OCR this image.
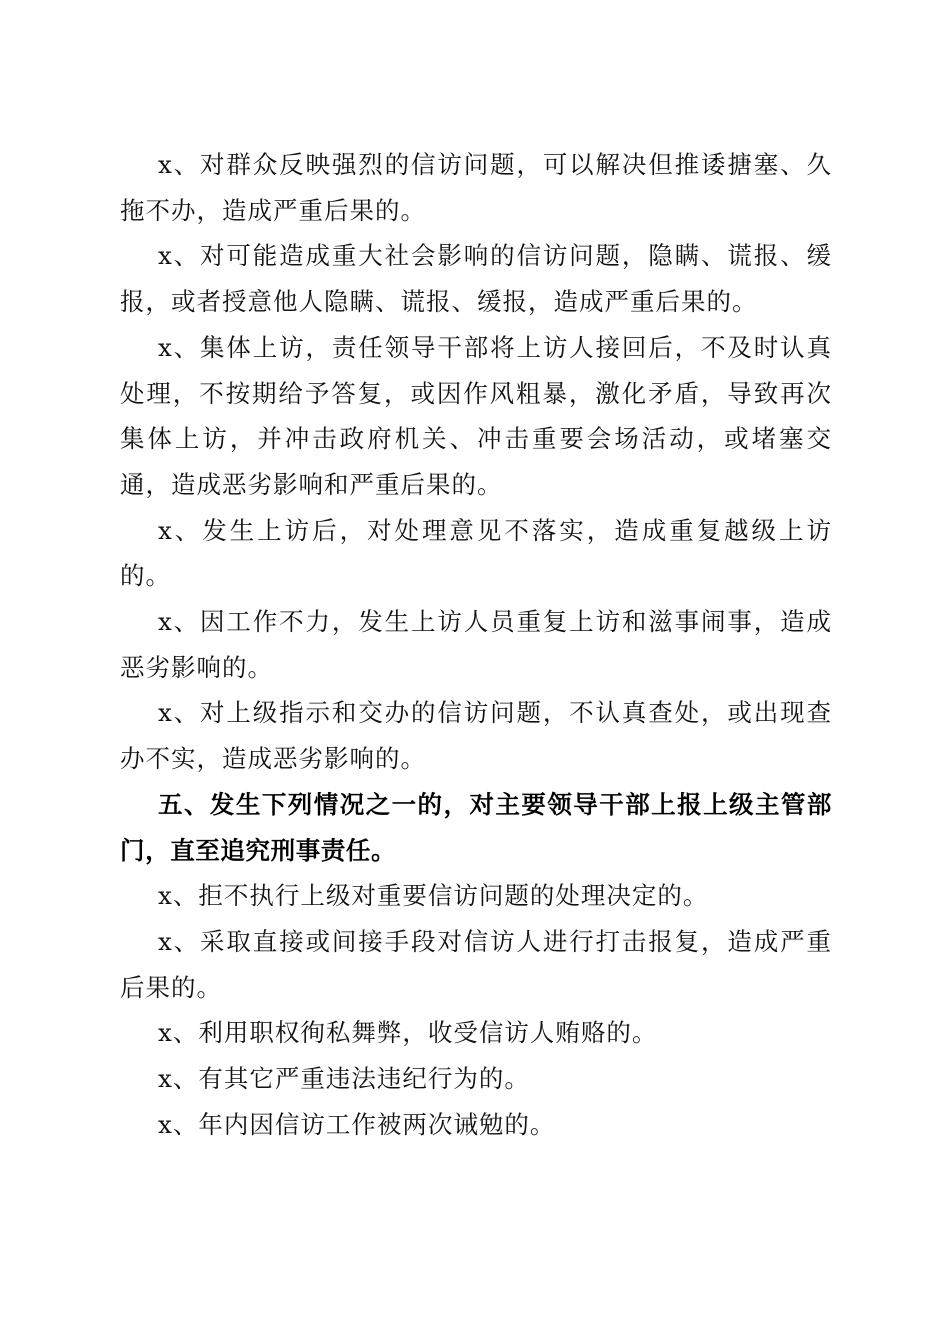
x、对群众反映强烈的信访问题，可以解决但推诿搪塞、久拖不办，造成严重后果的。

x、对可能造成重大社会影响的信访问题，隐瞒、谎报、缓报，或者授意他人隐瞒、谎报、缓报，造成严重后果的。

x、集体上访，责任领导干部将上访人接回后，不及时认真处理，不按期给予答复，或因作风粗暴，激化矛盾，导致再次集体上访，并冲击政府机关、冲击重要会场活动，或堵塞交通，造成恶劣影响和严重后果的。

x、发生上访后，对处理意见不落实，造成重复越级上访的。

x、因工作不力，发生上访人员重复上访和滋事闹事，造成恶劣影响的。

x、对上级指示和交办的信访问题，不认真查处，或出现查办不实，造成恶劣影响的。

五、发生下列情况之一的，对主要领导干部上报上级主管部门，直至追究刑事责任。

x、拒不执行上级对重要信访问题的处理决定的。

x、采取直接或间接手段对信访人进行打击报复，造成严重后果的。

x、利用职权徇私舞弊，收受信访人贿赂的。

x、有其它严重违法违纪行为的。

x、年内因信访工作被两次诫勉的。
